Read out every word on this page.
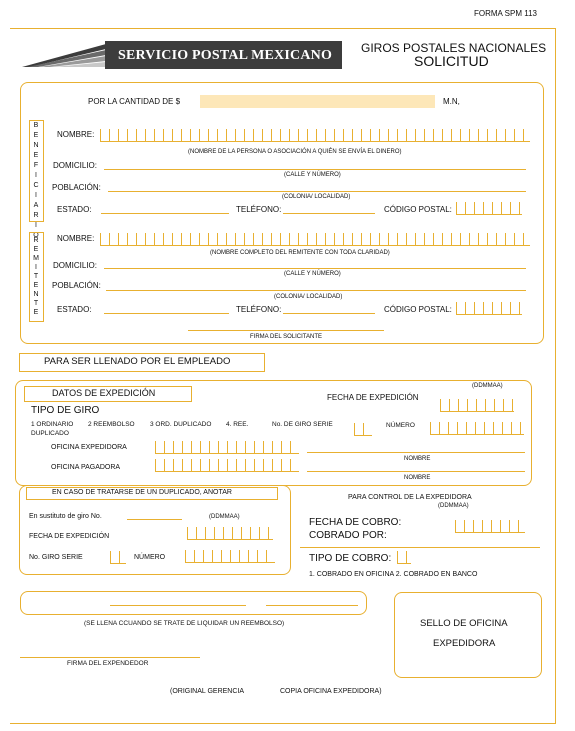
FORMA SPM 113
SERVICIO POSTAL MEXICANO	GIROS POSTALES NACIONALES
SOLICITUD
POR LA CANTIDAD DE $	M.N,
B
E
N
E
F
I
C
I
A
R
I
O
NOMBRE:
(NOMBRE DE LA PERSONA O ASOCIACIÓN A QUIÉN SE ENVÍA EL DINERO)
DOMICILIO:
(CALLE Y NÚMERO)
POBLACIÓN:
(COLONIA/ LOCALIDAD)
ESTADO:	TELÉFONO:	CÓDIGO POSTAL:
R
E
M
I
T
E
N
T
E
NOMBRE:
(NOMBRE COMPLETO DEL REMITENTE CON TODA CLARIDAD)
DOMICILIO:
(CALLE Y NÚMERO)
POBLACIÓN:
(COLONIA/ LOCALIDAD)
ESTADO:	TELÉFONO:	CÓDIGO POSTAL:
FIRMA DEL SOLICITANTE
PARA SER LLENADO POR EL EMPLEADO
DATOS DE EXPEDICIÓN
(DDMMAA)
FECHA DE EXPEDICIÓN
TIPO DE GIRO
1 ORDINARIO
DUPLICADO
2 REEMBOLSO 3 ORD. DUPLICADO 4. REE.	No. DE GIRO SERIE	NÚMERO
OFICINA EXPEDIDORA
NOMBRE
OFICINA PAGADORA
NOMBRE
EN CASO DE TRATARSE DE UN DUPLICADO, ANOTAR
En sustituto de giro No.	(DDMMAA)
FECHA DE EXPEDICIÓN
No. GIRO SERIE	NÚMERO
PARA CONTROL DE LA EXPEDIDORA
(DDMMAA)
FECHA DE COBRO:
COBRADO POR:
TIPO DE COBRO:
1. COBRADO EN OFICINA 2. COBRADO EN BANCO
(SE LLENA CCUANDO SE TRATE DE LIQUIDAR UN REEMBOLSO)	SELLO DE OFICINA
EXPEDIDORA
FIRMA DEL EXPENDEDOR
(ORIGINAL GERENCIA	COPIA OFICINA EXPEDIDORA)
